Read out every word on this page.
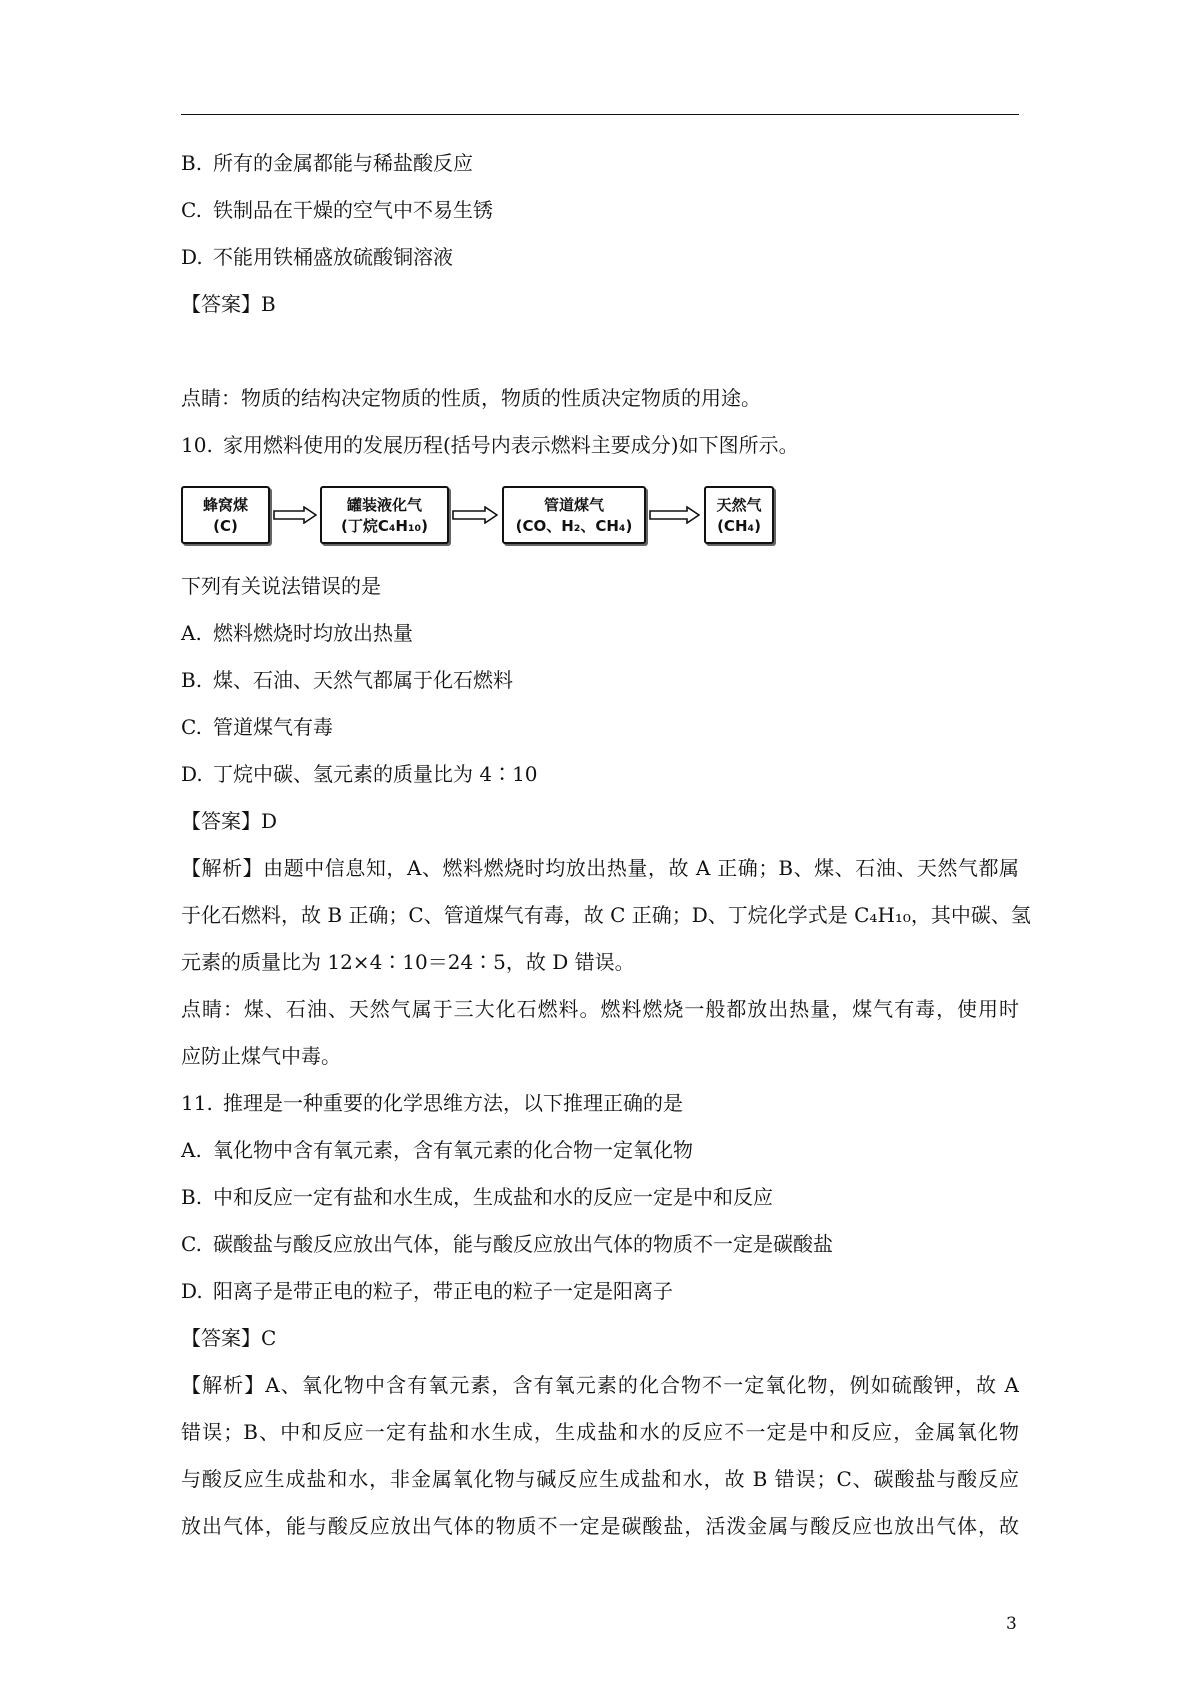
B. 所有的金属都能与稀盐酸反应
C. 铁制品在干燥的空气中不易生锈
D. 不能用铁桶盛放硫酸铜溶液
【答案】B
点睛：物质的结构决定物质的性质，物质的性质决定物质的用途。
10. 家用燃料使用的发展历程(括号内表示燃料主要成分)如下图所示。
蜂窝煤
(C)
罐装液化气
(丁烷C₄H₁₀)
管道煤气
(CO、H₂、CH₄)
天然气
(CH₄)
下列有关说法错误的是
A. 燃料燃烧时均放出热量
B. 煤、石油、天然气都属于化石燃料
C. 管道煤气有毒
D. 丁烷中碳、氢元素的质量比为 4∶10
【答案】D
【解析】由题中信息知，A、燃料燃烧时均放出热量，故 A 正确；B、煤、石油、天然气都属
于化石燃料，故 B 正确；C、管道煤气有毒，故 C 正确；D、丁烷化学式是 C₄H₁₀，其中碳、氢
元素的质量比为 12×4∶10＝24∶5，故 D 错误。
点睛：煤、石油、天然气属于三大化石燃料。燃料燃烧一般都放出热量，煤气有毒，使用时
应防止煤气中毒。
11. 推理是一种重要的化学思维方法，以下推理正确的是
A. 氧化物中含有氧元素，含有氧元素的化合物一定氧化物
B. 中和反应一定有盐和水生成，生成盐和水的反应一定是中和反应
C. 碳酸盐与酸反应放出气体，能与酸反应放出气体的物质不一定是碳酸盐
D. 阳离子是带正电的粒子，带正电的粒子一定是阳离子
【答案】C
【解析】A、氧化物中含有氧元素，含有氧元素的化合物不一定氧化物，例如硫酸钾，故 A
错误；B、中和反应一定有盐和水生成，生成盐和水的反应不一定是中和反应，金属氧化物
与酸反应生成盐和水，非金属氧化物与碱反应生成盐和水，故 B 错误；C、碳酸盐与酸反应
放出气体，能与酸反应放出气体的物质不一定是碳酸盐，活泼金属与酸反应也放出气体，故
3
